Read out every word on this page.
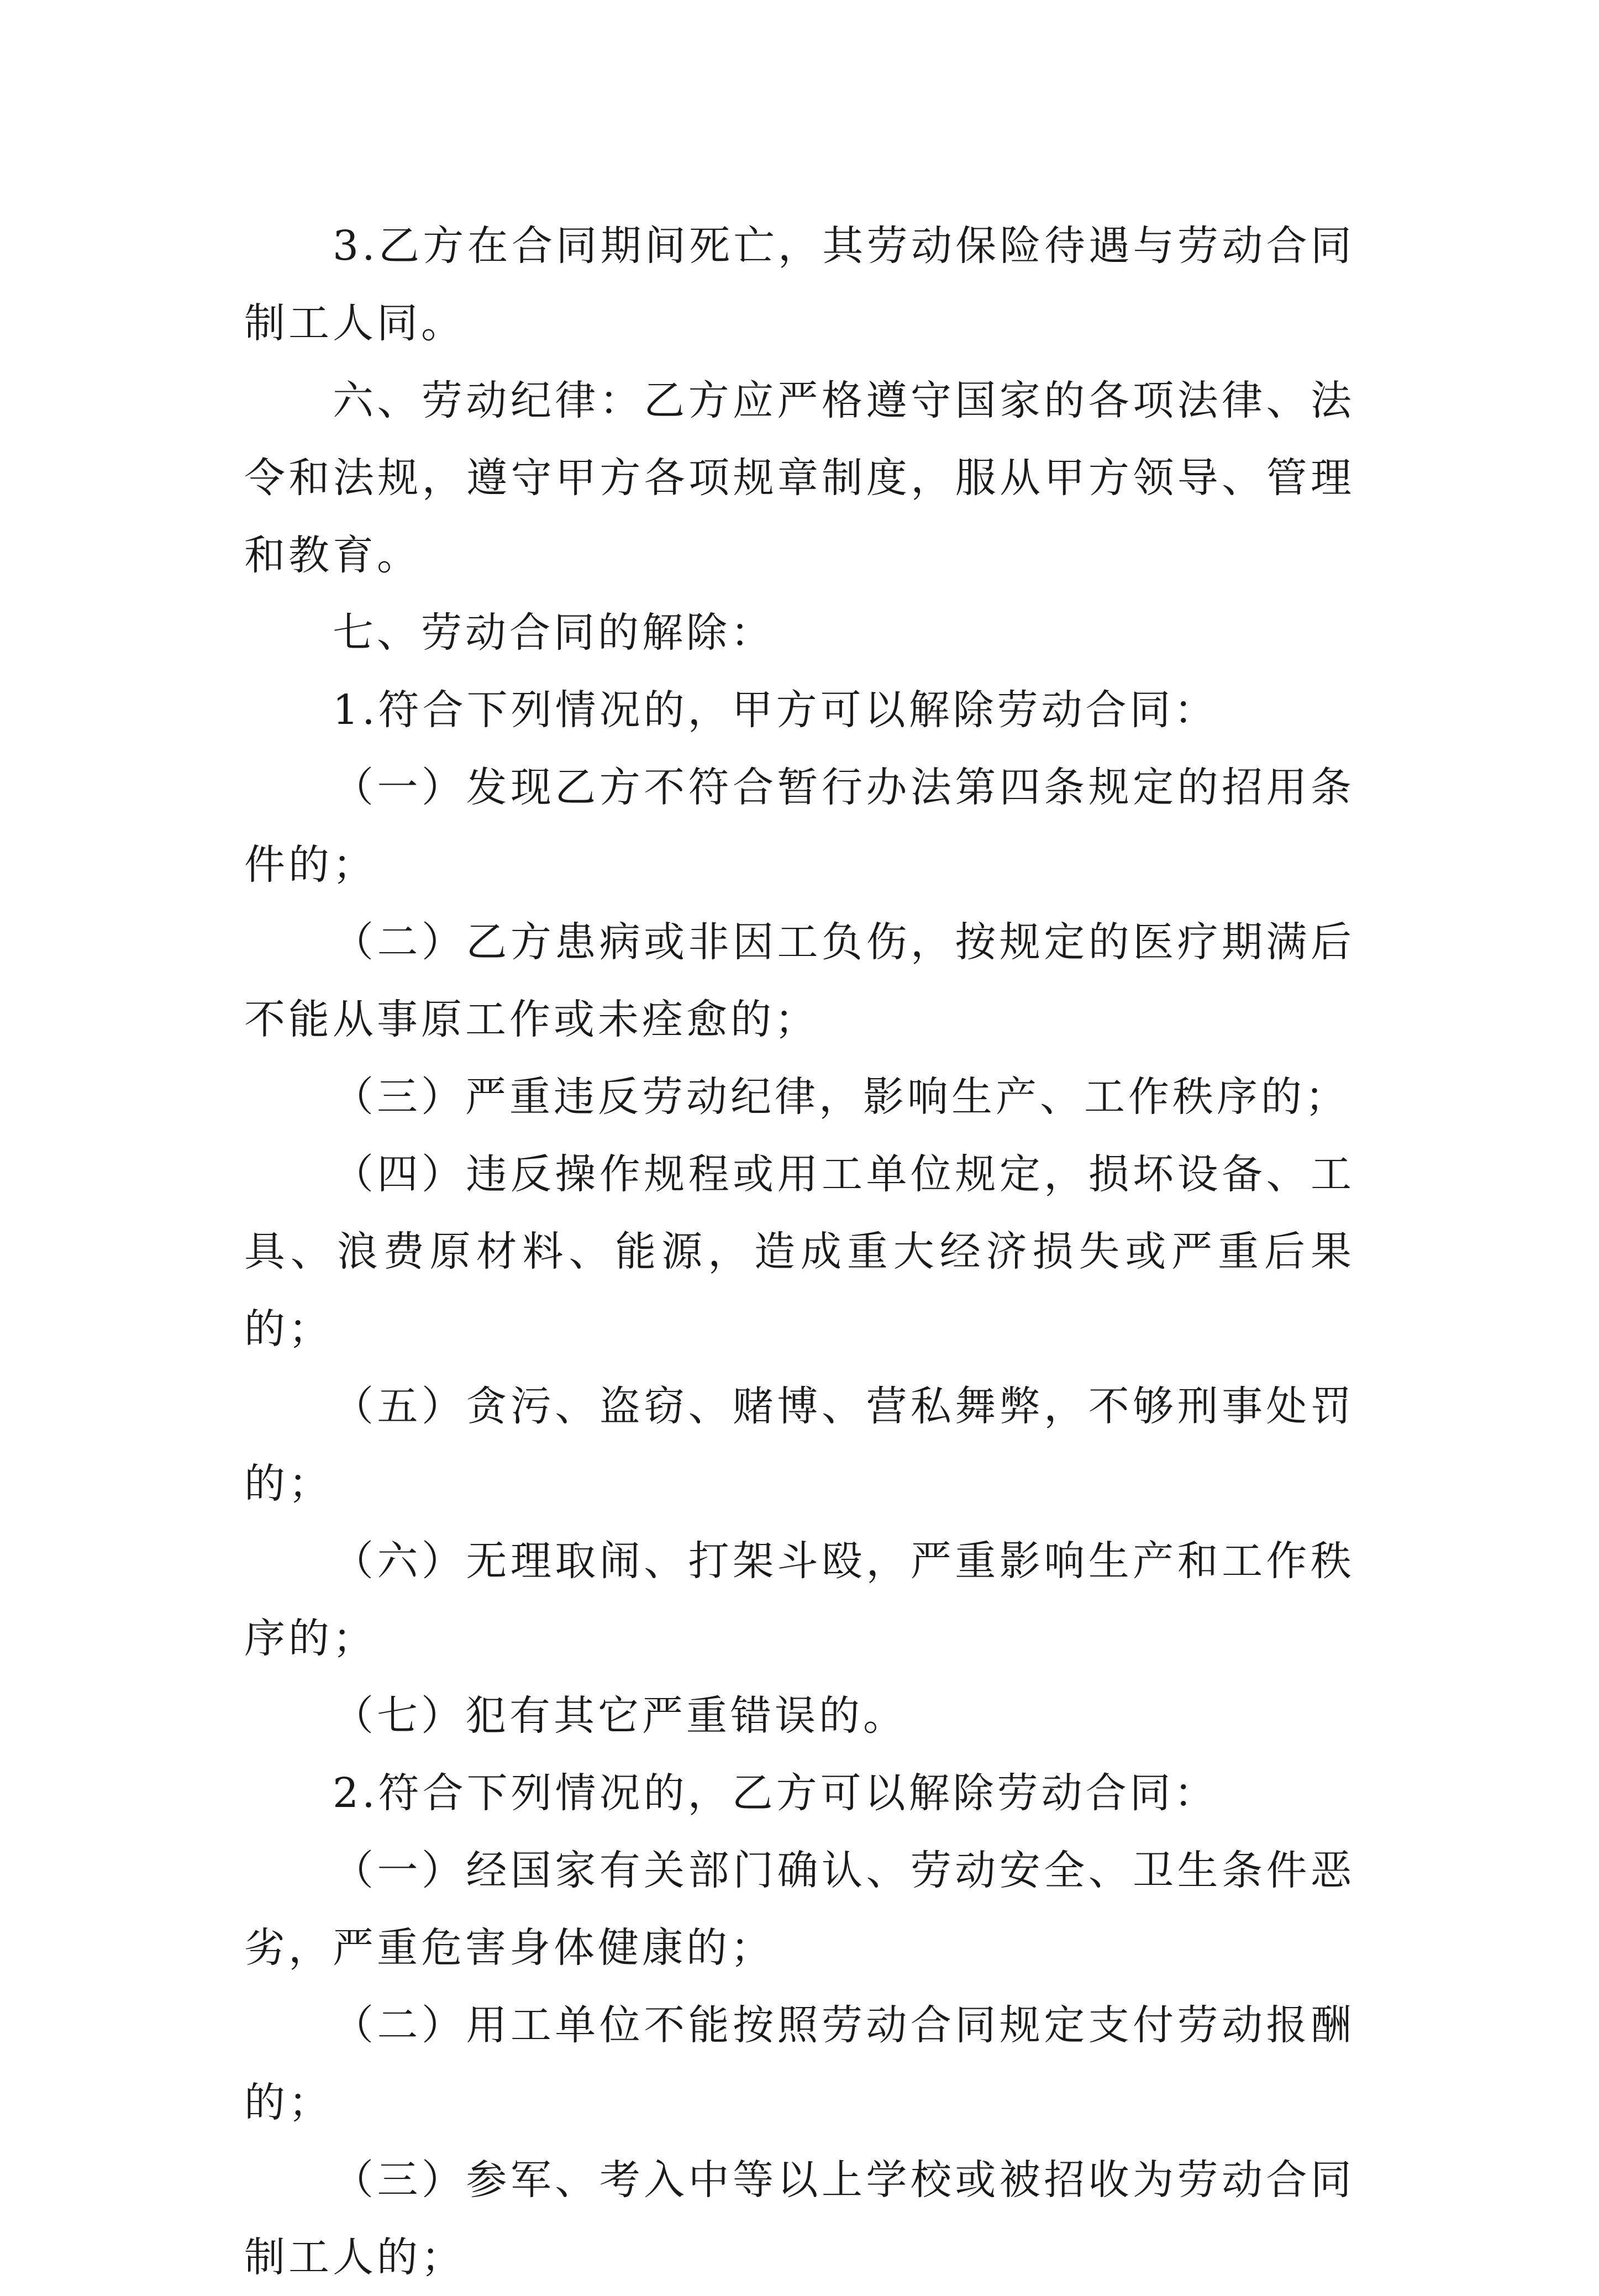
3.乙方在合同期间死亡，其劳动保险待遇与劳动合同制工人同。

六、劳动纪律：乙方应严格遵守国家的各项法律、法令和法规，遵守甲方各项规章制度，服从甲方领导、管理和教育。

七、劳动合同的解除：

1.符合下列情况的，甲方可以解除劳动合同：

（一）发现乙方不符合暂行办法第四条规定的招用条件的；

（二）乙方患病或非因工负伤，按规定的医疗期满后不能从事原工作或未痊愈的；

（三）严重违反劳动纪律，影响生产、工作秩序的；

（四）违反操作规程或用工单位规定，损坏设备、工具、浪费原材料、能源，造成重大经济损失或严重后果的；

（五）贪污、盗窃、赌博、营私舞弊，不够刑事处罚的；

（六）无理取闹、打架斗殴，严重影响生产和工作秩序的；

（七）犯有其它严重错误的。

2.符合下列情况的，乙方可以解除劳动合同：

（一）经国家有关部门确认、劳动安全、卫生条件恶劣，严重危害身体健康的；

（二）用工单位不能按照劳动合同规定支付劳动报酬的；

（三）参军、考入中等以上学校或被招收为劳动合同制工人的；
